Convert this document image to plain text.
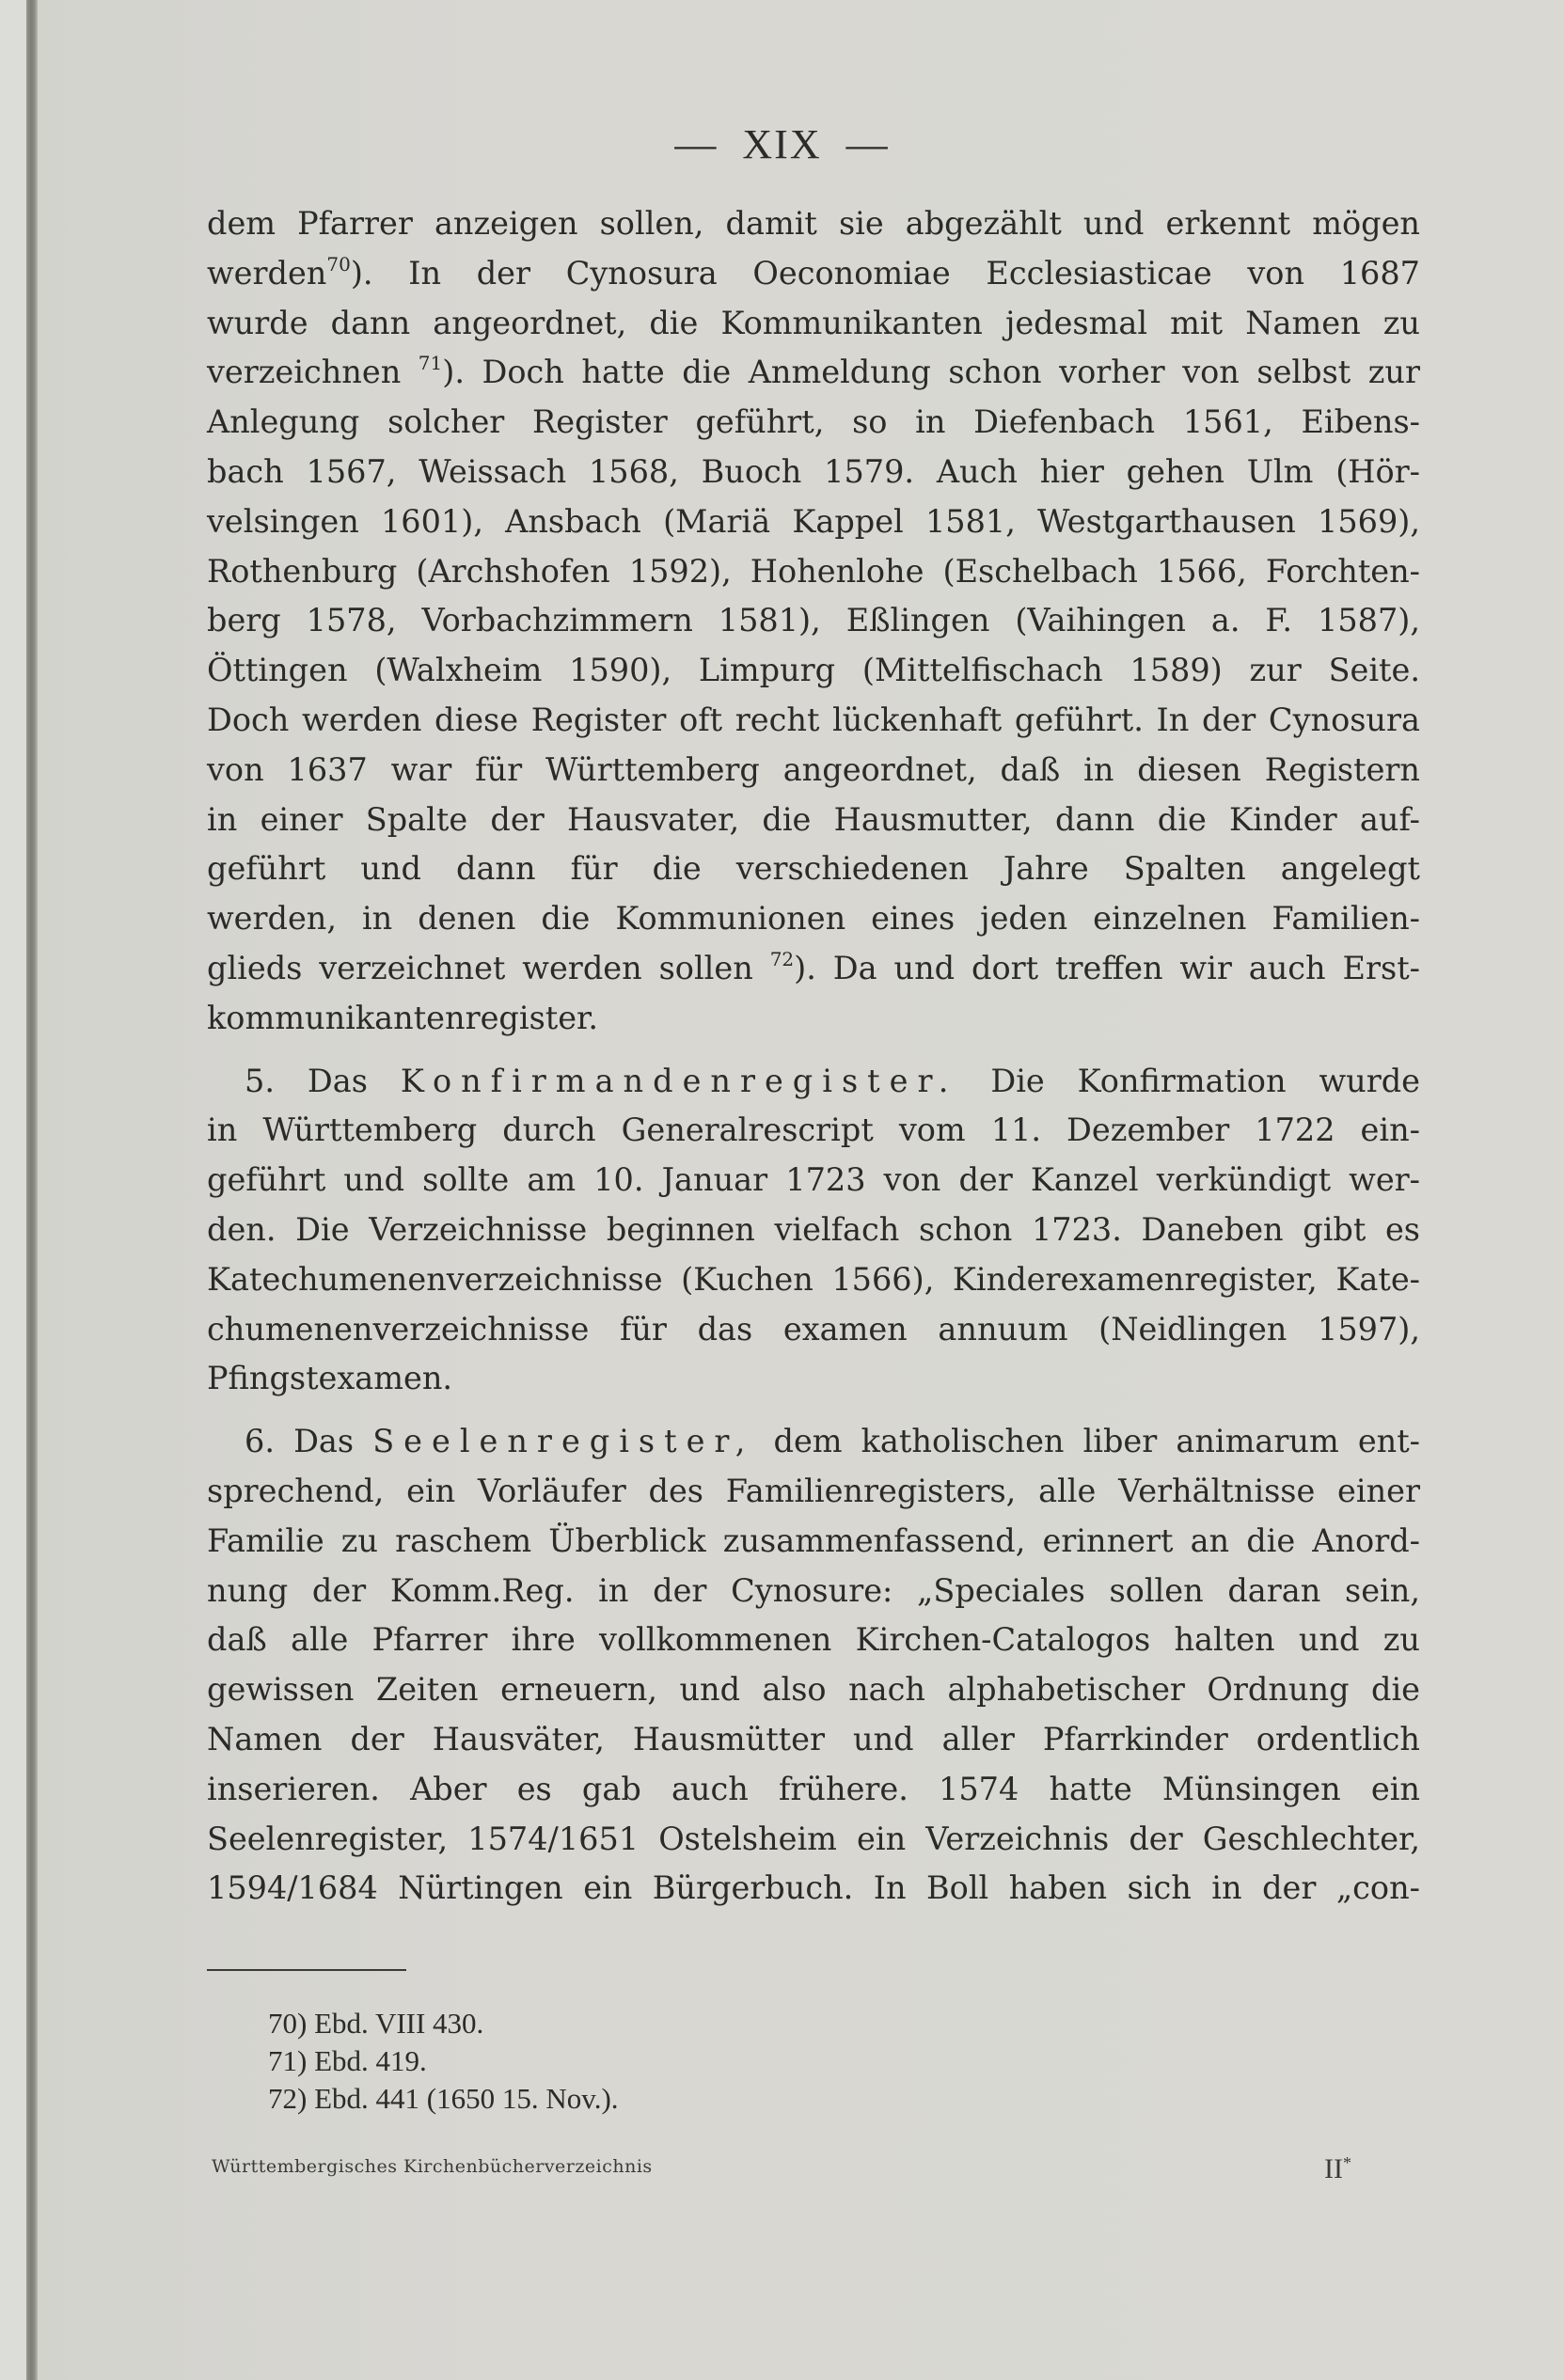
— XIX —
dem Pfarrer anzeigen sollen, damit sie abgezählt und erkennt mögen
werden$^{70}$). In der Cynosura Oeconomiae Ecclesiasticae von 1687
wurde dann angeordnet, die Kommunikanten jedesmal mit Namen zu
verzeichnen $^{71}$). Doch hatte die Anmeldung schon vorher von selbst zur
Anlegung solcher Register geführt, so in Diefenbach 1561, Eibens-
bach 1567, Weissach 1568, Buoch 1579. Auch hier gehen Ulm (Hör-
velsingen 1601), Ansbach (Mariä Kappel 1581, Westgarthausen 1569),
Rothenburg (Archshofen 1592), Hohenlohe (Eschelbach 1566, Forchten-
berg 1578, Vorbachzimmern 1581), Eßlingen (Vaihingen a. F. 1587),
Öttingen (Walxheim 1590), Limpurg (Mittelfischach 1589) zur Seite.
Doch werden diese Register oft recht lückenhaft geführt. In der Cynosura
von 1637 war für Württemberg angeordnet, daß in diesen Registern
in einer Spalte der Hausvater, die Hausmutter, dann die Kinder auf-
geführt und dann für die verschiedenen Jahre Spalten angelegt
werden, in denen die Kommunionen eines jeden einzelnen Familien-
glieds verzeichnet werden sollen $^{72}$). Da und dort treffen wir auch Erst-
kommunikantenregister.
5. Das Konfirmandenregister. Die Konfirmation wurde
in Württemberg durch Generalrescript vom 11. Dezember 1722 ein-
geführt und sollte am 10. Januar 1723 von der Kanzel verkündigt wer-
den. Die Verzeichnisse beginnen vielfach schon 1723. Daneben gibt es
Katechumenenverzeichnisse (Kuchen 1566), Kinderexamenregister, Kate-
chumenenverzeichnisse für das examen annuum (Neidlingen 1597),
Pfingstexamen.
6. Das Seelenregister, dem katholischen liber animarum ent-
sprechend, ein Vorläufer des Familienregisters, alle Verhältnisse einer
Familie zu raschem Überblick zusammenfassend, erinnert an die Anord-
nung der Komm.Reg. in der Cynosure: „Speciales sollen daran sein,
daß alle Pfarrer ihre vollkommenen Kirchen-Catalogos halten und zu
gewissen Zeiten erneuern, und also nach alphabetischer Ordnung die
Namen der Hausväter, Hausmütter und aller Pfarrkinder ordentlich
inserieren. Aber es gab auch frühere. 1574 hatte Münsingen ein
Seelenregister, 1574/1651 Ostelsheim ein Verzeichnis der Geschlechter,
1594/1684 Nürtingen ein Bürgerbuch. In Boll haben sich in der „con-
70) Ebd. VIII 430.
71) Ebd. 419.
72) Ebd. 441 (1650 15. Nov.).
Württembergisches Kirchenbücherverzeichnis	II*
